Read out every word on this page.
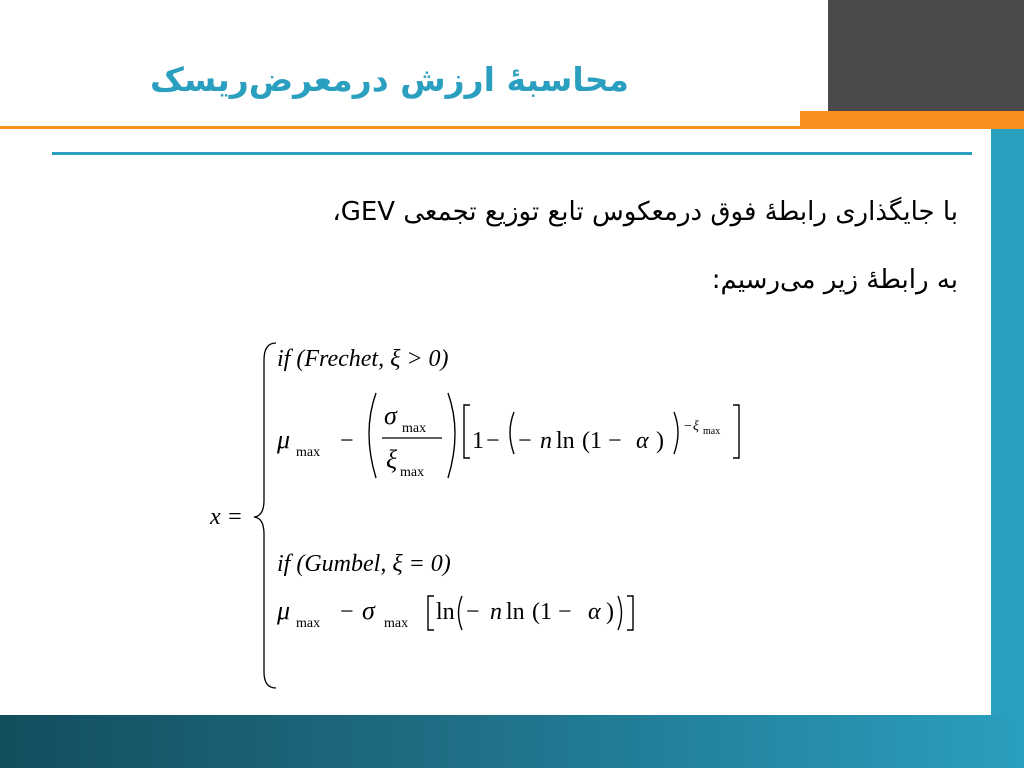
محاسبهٔ ارزش درمعرض‌ریسک
با جایگذاری رابطهٔ فوق درمعکوس تابع توزیع تجمعی GEV،
به رابطهٔ زیر می‌رسیم:
x =
if (Frechet, ξ > 0)
μ max −
σ max
ξ max
1 − − n ln (1 − α )
− ξ max
if (Gumbel, ξ = 0)
μ max − σ max ln − n ln (1 − α )
